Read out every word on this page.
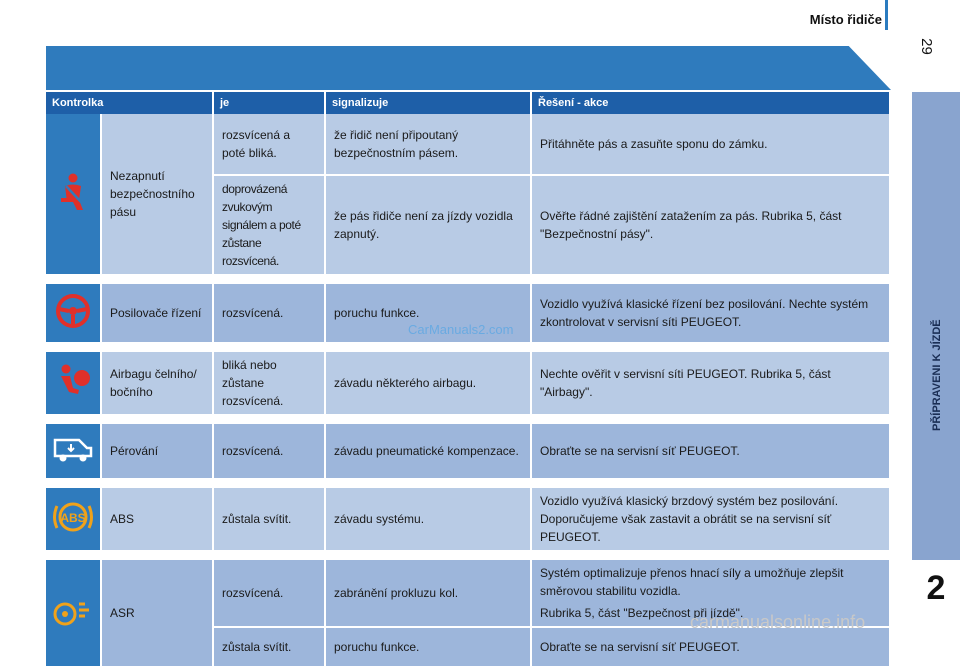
Místo řidiče
29
PŘÍPRAVENI K JÍZDĚ
2
Kontrolka		je	signalizuje	Řešení - akce
	Nezapnutí bezpečnostního pásu	rozsvícená a poté bliká.	že řidič není připoutaný bezpečnostním pásem.	Přitáhněte pás a zasuňte sponu do zámku.
		doprovázená zvukovým signálem a poté zůstane rozsvícená.	že pás řidiče není za jízdy vozidla zapnutý.	Ověřte řádné zajištění zatažením za pás. Rubrika 5, část "Bezpečnostní pásy".

	Posilovače řízení	rozsvícená.	poruchu funkce.	Vozidlo využívá klasické řízení bez posilování. Nechte systém zkontrolovat v servisní síti PEUGEOT.

	Airbagu čelního/ bočního	bliká nebo zůstane rozsvícená.	závadu některého airbagu.	Nechte ověřit v servisní síti PEUGEOT. Rubrika 5, část "Airbagy".

	Pérování	rozsvícená.	závadu pneumatické kompenzace.	Obraťte se na servisní síť PEUGEOT.

ABS	ABS	zůstala svítit.	závadu systému.	Vozidlo využívá klasický brzdový systém bez posilování. Doporučujeme však zastavit a obrátit se na servisní síť PEUGEOT.

	ASR	rozsvícená.	zabránění prokluzu kol.	Systém optimalizuje přenos hnací síly a umožňuje zlepšit směrovou stabilitu vozidla.
Rubrika 5, část "Bezpečnost při jízdě".

		zůstala svítit.	poruchu funkce.	Obraťte se na servisní síť PEUGEOT.
CarManuals2.com
carmanualsonline.info
